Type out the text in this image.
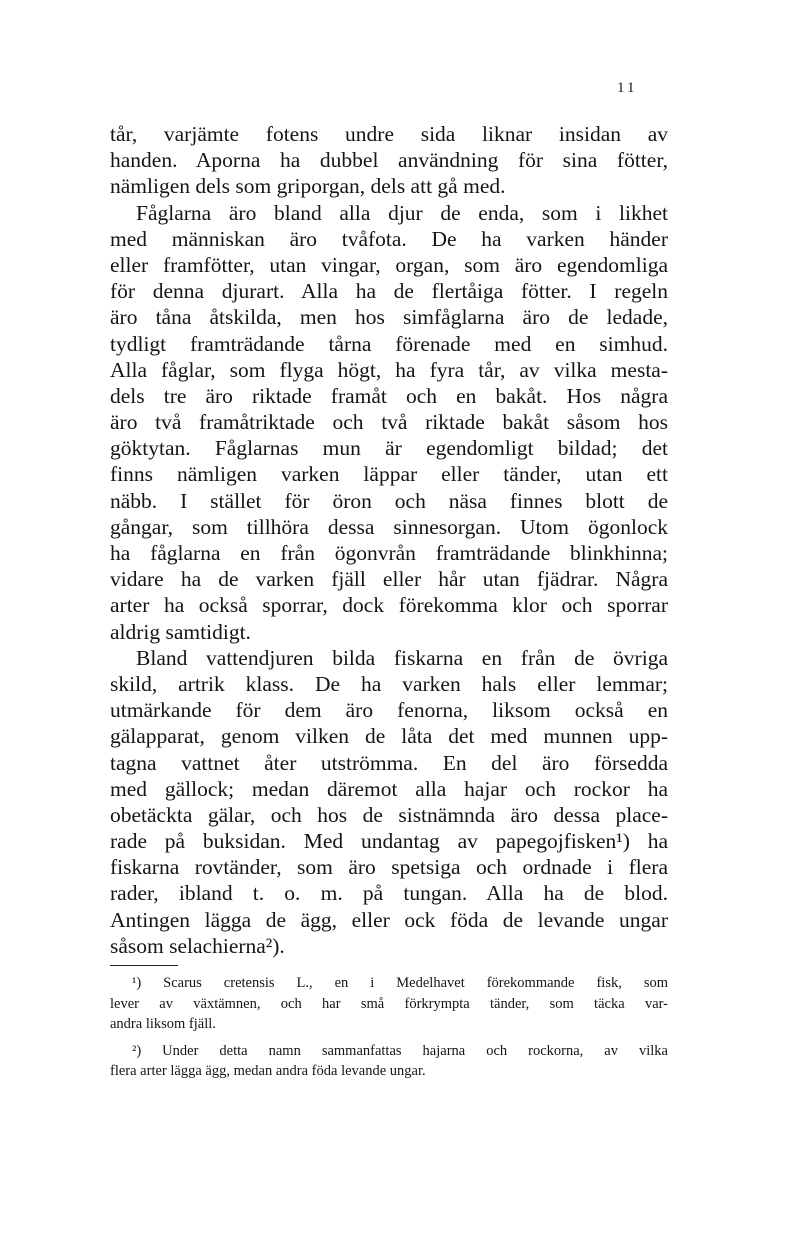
11
tår, varjämte fotens undre sida liknar insidan av
handen. Aporna ha dubbel användning för sina fötter,
nämligen dels som griporgan, dels att gå med.
Fåglarna äro bland alla djur de enda, som i likhet
med människan äro tvåfota. De ha varken händer
eller framfötter, utan vingar, organ, som äro egendomliga
för denna djurart. Alla ha de flertåiga fötter. I regeln
äro tåna åtskilda, men hos simfåglarna äro de ledade,
tydligt framträdande tårna förenade med en simhud.
Alla fåglar, som flyga högt, ha fyra tår, av vilka mesta-
dels tre äro riktade framåt och en bakåt. Hos några
äro två framåtriktade och två riktade bakåt såsom hos
göktytan. Fåglarnas mun är egendomligt bildad; det
finns nämligen varken läppar eller tänder, utan ett
näbb. I stället för öron och näsa finnes blott de
gångar, som tillhöra dessa sinnesorgan. Utom ögonlock
ha fåglarna en från ögonvrån framträdande blinkhinna;
vidare ha de varken fjäll eller hår utan fjädrar. Några
arter ha också sporrar, dock förekomma klor och sporrar
aldrig samtidigt.
Bland vattendjuren bilda fiskarna en från de övriga
skild, artrik klass. De ha varken hals eller lemmar;
utmärkande för dem äro fenorna, liksom också en
gälapparat, genom vilken de låta det med munnen upp-
tagna vattnet åter utströmma. En del äro försedda
med gällock; medan däremot alla hajar och rockor ha
obetäckta gälar, och hos de sistnämnda äro dessa place-
rade på buksidan. Med undantag av papegojfisken¹) ha
fiskarna rovtänder, som äro spetsiga och ordnade i flera
rader, ibland t. o. m. på tungan. Alla ha de blod.
Antingen lägga de ägg, eller ock föda de levande ungar
såsom selachierna²).
¹) Scarus cretensis L., en i Medelhavet förekommande fisk, som
lever av växtämnen, och har små förkrympta tänder, som täcka var-
andra liksom fjäll.
²) Under detta namn sammanfattas hajarna och rockorna, av vilka
flera arter lägga ägg, medan andra föda levande ungar.
